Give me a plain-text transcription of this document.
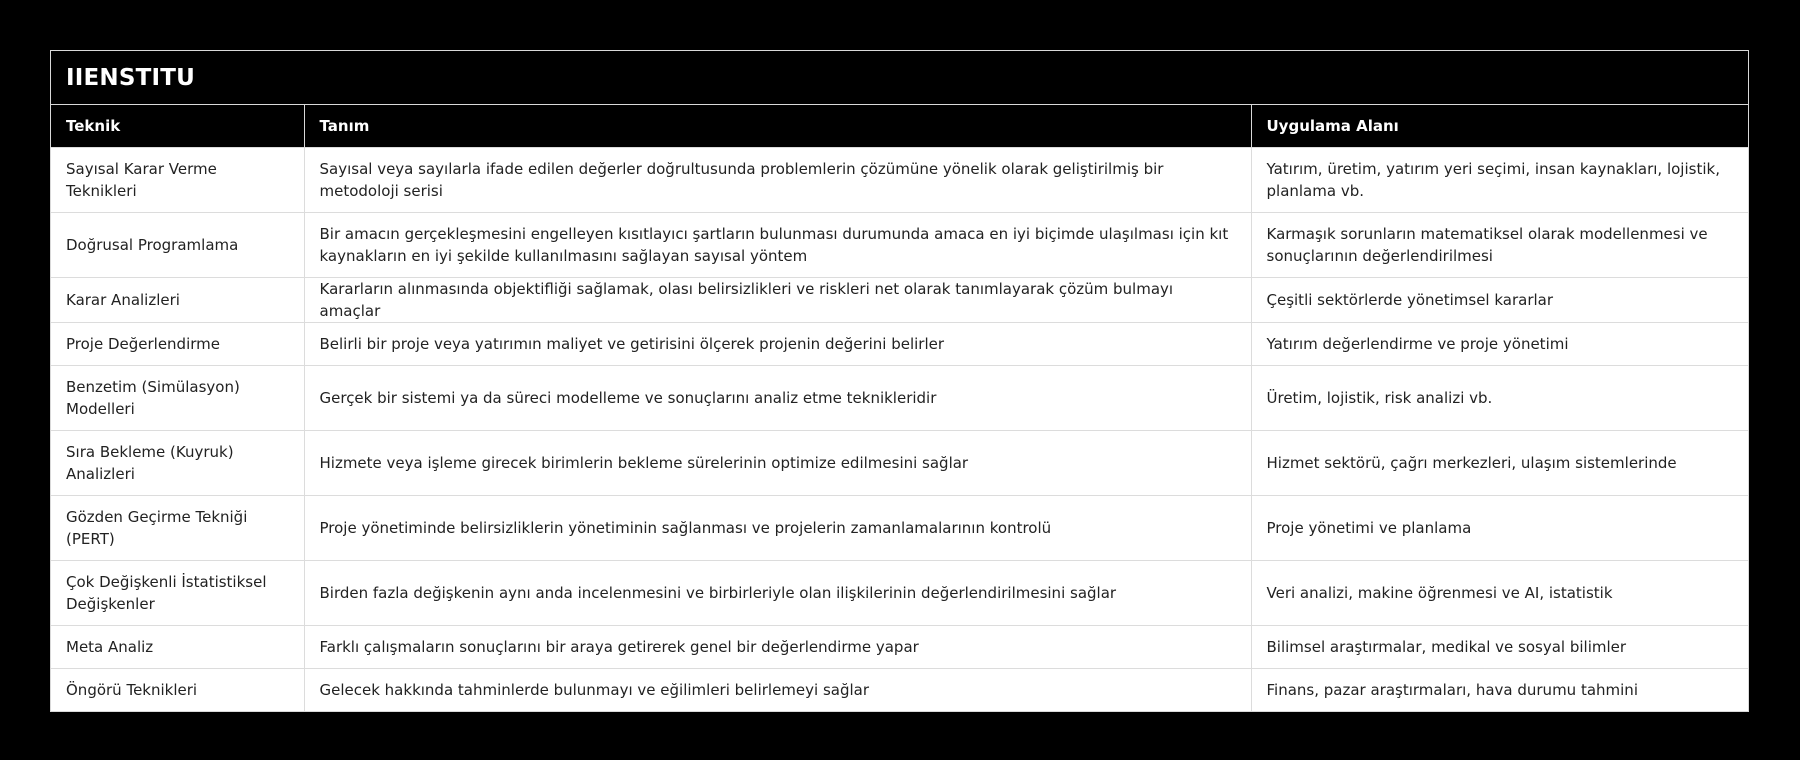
IIENSTITU
Teknik	Tanım	Uygulama Alanı
Sayısal Karar Verme Teknikleri	Sayısal veya sayılarla ifade edilen değerler doğrultusunda problemlerin çözümüne yönelik olarak geliştirilmiş bir metodoloji serisi	Yatırım, üretim, yatırım yeri seçimi, insan kaynakları, lojistik, planlama vb.
Doğrusal Programlama	Bir amacın gerçekleşmesini engelleyen kısıtlayıcı şartların bulunması durumunda amaca en iyi biçimde ulaşılması için kıt kaynakların en iyi şekilde kullanılmasını sağlayan sayısal yöntem	Karmaşık sorunların matematiksel olarak modellenmesi ve sonuçlarının değerlendirilmesi
Karar Analizleri	Kararların alınmasında objektifliği sağlamak, olası belirsizlikleri ve riskleri net olarak tanımlayarak çözüm bulmayı amaçlar	Çeşitli sektörlerde yönetimsel kararlar
Proje Değerlendirme	Belirli bir proje veya yatırımın maliyet ve getirisini ölçerek projenin değerini belirler	Yatırım değerlendirme ve proje yönetimi
Benzetim (Simülasyon) Modelleri	Gerçek bir sistemi ya da süreci modelleme ve sonuçlarını analiz etme teknikleridir	Üretim, lojistik, risk analizi vb.
Sıra Bekleme (Kuyruk) Analizleri	Hizmete veya işleme girecek birimlerin bekleme sürelerinin optimize edilmesini sağlar	Hizmet sektörü, çağrı merkezleri, ulaşım sistemlerinde
Gözden Geçirme Tekniği (PERT)	Proje yönetiminde belirsizliklerin yönetiminin sağlanması ve projelerin zamanlamalarının kontrolü	Proje yönetimi ve planlama
Çok Değişkenli İstatistiksel Değişkenler	Birden fazla değişkenin aynı anda incelenmesini ve birbirleriyle olan ilişkilerinin değerlendirilmesini sağlar	Veri analizi, makine öğrenmesi ve AI, istatistik
Meta Analiz	Farklı çalışmaların sonuçlarını bir araya getirerek genel bir değerlendirme yapar	Bilimsel araştırmalar, medikal ve sosyal bilimler
Öngörü Teknikleri	Gelecek hakkında tahminlerde bulunmayı ve eğilimleri belirlemeyi sağlar	Finans, pazar araştırmaları, hava durumu tahmini
